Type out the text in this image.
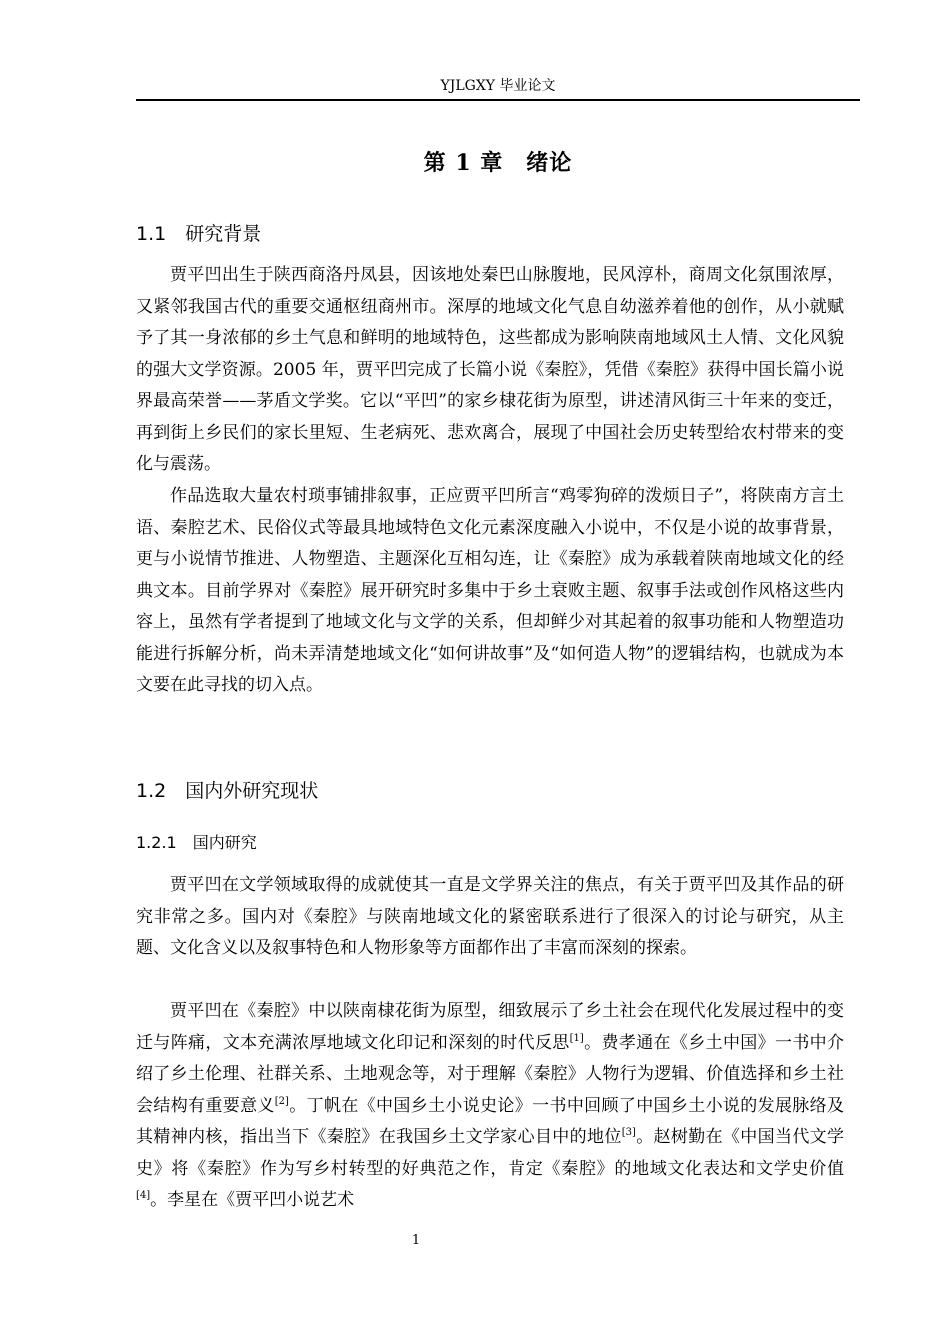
YJLGXY 毕业论文
第 1 章　绪论
1.1　研究背景

贾平凹出生于陕西商洛丹凤县，因该地处秦巴山脉腹地，民风淳朴，商周文化氛围浓厚，又紧邻我国古代的重要交通枢纽商州市。深厚的地域文化气息自幼滋养着他的创作，从小就赋予了其一身浓郁的乡土气息和鲜明的地域特色，这些都成为影响陕南地域风土人情、文化风貌的强大文学资源。2005 年，贾平凹完成了长篇小说《秦腔》，凭借《秦腔》获得中国长篇小说界最高荣誉——茅盾文学奖。它以“平凹”的家乡棣花街为原型，讲述清风街三十年来的变迁，再到街上乡民们的家长里短、生老病死、悲欢离合，展现了中国社会历史转型给农村带来的变化与震荡。

作品选取大量农村琐事铺排叙事，正应贾平凹所言“鸡零狗碎的泼烦日子”，将陕南方言土语、秦腔艺术、民俗仪式等最具地域特色文化元素深度融入小说中，不仅是小说的故事背景，更与小说情节推进、人物塑造、主题深化互相勾连，让《秦腔》成为承载着陕南地域文化的经典文本。目前学界对《秦腔》展开研究时多集中于乡土衰败主题、叙事手法或创作风格这些内容上，虽然有学者提到了地域文化与文学的关系，但却鲜少对其起着的叙事功能和人物塑造功能进行拆解分析，尚未弄清楚地域文化“如何讲故事”及“如何造人物”的逻辑结构，也就成为本文要在此寻找的切入点。

1.2　国内外研究现状
1.2.1　国内研究

贾平凹在文学领域取得的成就使其一直是文学界关注的焦点，有关于贾平凹及其作品的研究非常之多。国内对《秦腔》与陕南地域文化的紧密联系进行了很深入的讨论与研究，从主题、文化含义以及叙事特色和人物形象等方面都作出了丰富而深刻的探索。

贾平凹在《秦腔》中以陕南棣花街为原型，细致展示了乡土社会在现代化发展过程中的变迁与阵痛，文本充满浓厚地域文化印记和深刻的时代反思[1]。费孝通在《乡土中国》一书中介绍了乡土伦理、社群关系、土地观念等，对于理解《秦腔》人物行为逻辑、价值选择和乡土社会结构有重要意义[2]。丁帆在《中国乡土小说史论》一书中回顾了中国乡土小说的发展脉络及其精神内核，指出当下《秦腔》在我国乡土文学家心目中的地位[3]。赵树勤在《中国当代文学史》将《秦腔》作为写乡村转型的好典范之作，肯定《秦腔》的地域文化表达和文学史价值[4]。李星在《贾平凹小说艺术

1
